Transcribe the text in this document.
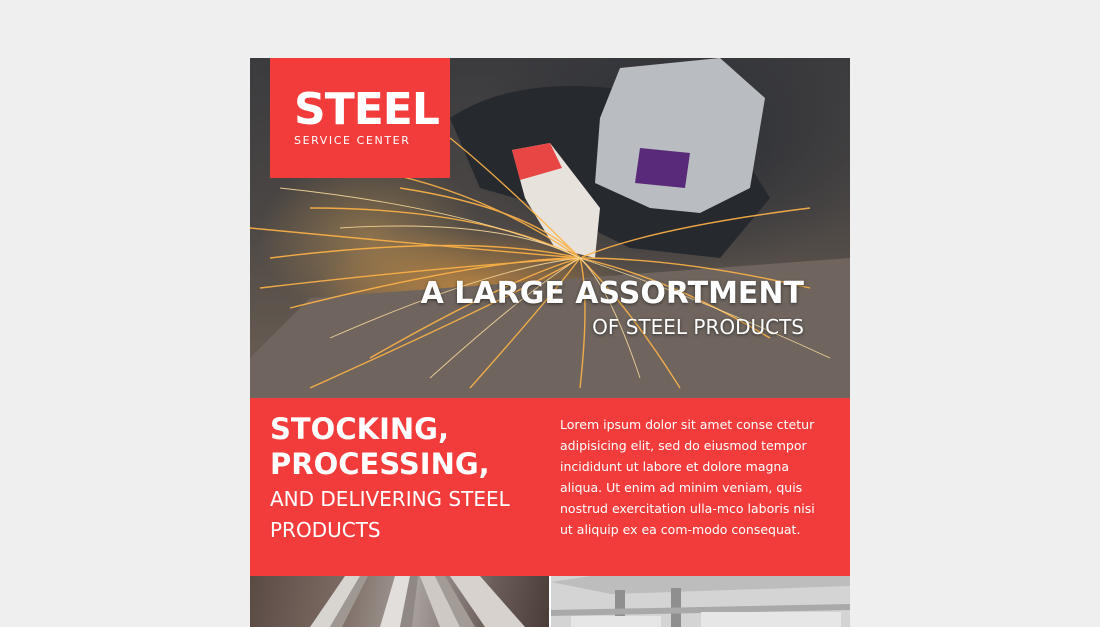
STEEL
SERVICE CENTER
A LARGE ASSORTMENT
OF STEEL PRODUCTS
STOCKING,
PROCESSING,
AND DELIVERING STEEL PRODUCTS
Lorem ipsum dolor sit amet conse ctetur adipisicing elit, sed do eiusmod tempor incididunt ut labore et dolore magna aliqua. Ut enim ad minim veniam, quis nostrud exercitation ulla-mco laboris nisi ut aliquip ex ea com-modo consequat.
